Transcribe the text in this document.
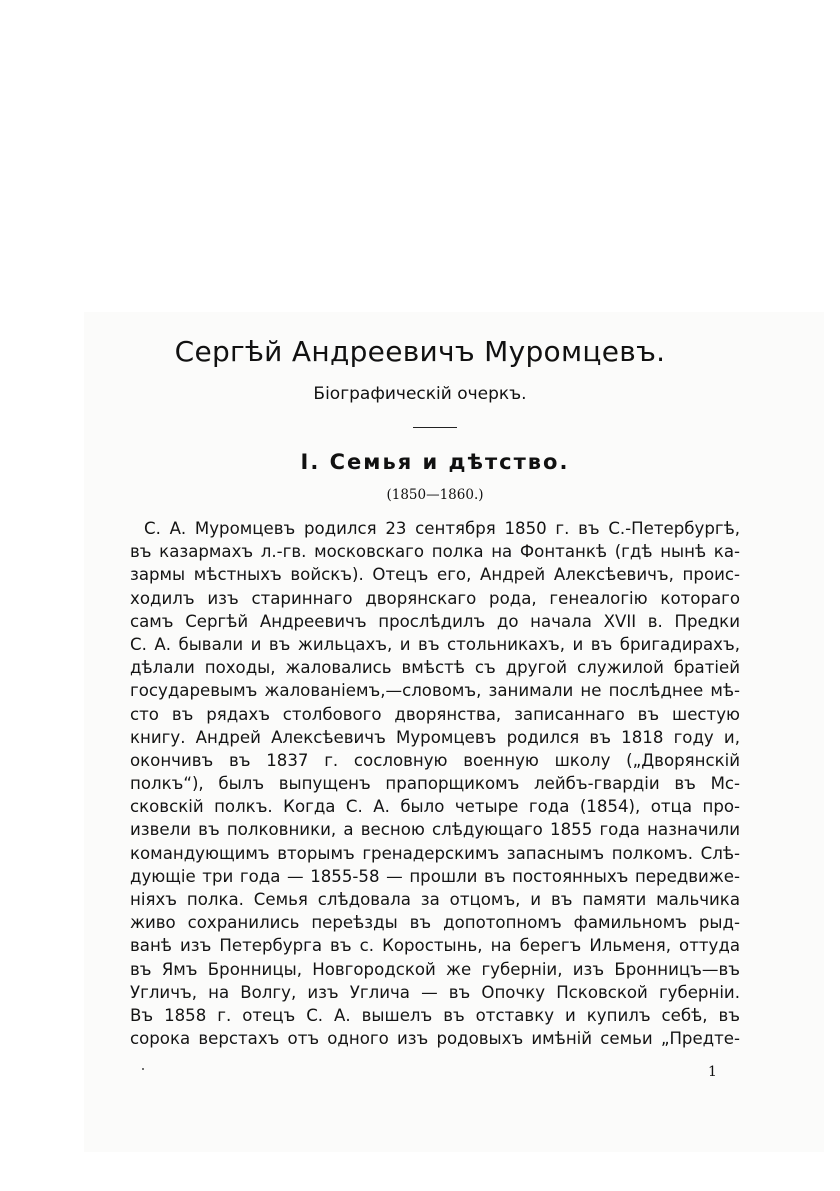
Сергѣй Андреевичъ Муромцевъ.

Біографическій очеркъ.

I. Семья и дѣтство.

(1850—1860.)

С. А. Муромцевъ родился 23 сентября 1850 г. въ С.-Петербургѣ,
въ казармахъ л.-гв. московскаго полка на Фонтанкѣ (гдѣ нынѣ ка-
зармы мѣстныхъ войскъ). Отецъ его, Андрей Алексѣевичъ, проис-
ходилъ изъ стариннаго дворянскаго рода, генеалогію котораго
самъ Сергѣй Андреевичъ прослѣдилъ до начала XVII в. Предки
С. А. бывали и въ жильцахъ, и въ стольникахъ, и въ бригадирахъ,
дѣлали походы, жаловались вмѣстѣ съ другой служилой братіей
государевымъ жалованіемъ,—словомъ, занимали не послѣднее мѣ-
сто въ рядахъ столбового дворянства, записаннаго въ шестую
книгу. Андрей Алексѣевичъ Муромцевъ родился въ 1818 году и,
окончивъ въ 1837 г. сословную военную школу („Дворянскій
полкъ“), былъ выпущенъ прапорщикомъ лейбъ-гвардіи въ Мс-
сковскій полкъ. Когда С. А. было четыре года (1854), отца про-
извели въ полковники, а весною слѣдующаго 1855 года назначили
командующимъ вторымъ гренадерскимъ запаснымъ полкомъ. Слѣ-
дующіе три года — 1855-58 — прошли въ постоянныхъ передвиже-
ніяхъ полка. Семья слѣдовала за отцомъ, и въ памяти мальчика
живо сохранились переѣзды въ допотопномъ фамильномъ рыд-
ванѣ изъ Петербурга въ с. Коростынь, на берегъ Ильменя, оттуда
въ Ямъ Бронницы, Новгородской же губерніи, изъ Бронницъ—въ
Угличъ, на Волгу, изъ Углича — въ Опочку Псковской губерніи.
Въ 1858 г. отецъ С. А. вышелъ въ отставку и купилъ себѣ, въ
сорока верстахъ отъ одного изъ родовыхъ имѣній семьи „Предте-

1
